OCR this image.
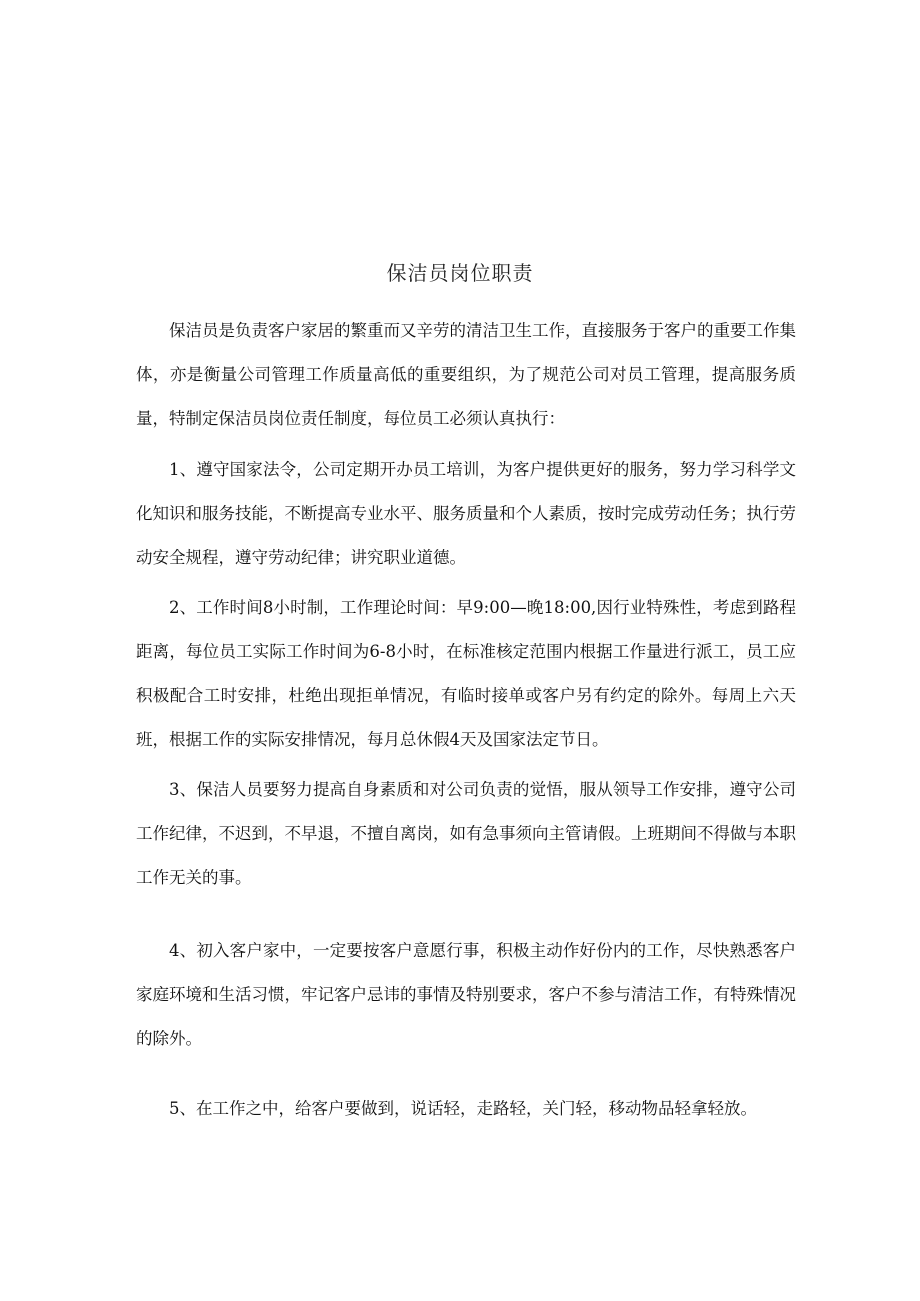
保洁员岗位职责

保洁员是负责客户家居的繁重而又辛劳的清洁卫生工作，直接服务于客户的重要工作集体，亦是衡量公司管理工作质量高低的重要组织，为了规范公司对员工管理，提高服务质量，特制定保洁员岗位责任制度，每位员工必须认真执行：

1、遵守国家法令，公司定期开办员工培训，为客户提供更好的服务，努力学习科学文化知识和服务技能，不断提高专业水平、服务质量和个人素质，按时完成劳动任务；执行劳动安全规程，遵守劳动纪律；讲究职业道德。

2、工作时间8小时制，工作理论时间：早9:00—晚18:00,因行业特殊性，考虑到路程距离，每位员工实际工作时间为6-8小时，在标准核定范围内根据工作量进行派工，员工应积极配合工时安排，杜绝出现拒单情况，有临时接单或客户另有约定的除外。每周上六天班，根据工作的实际安排情况，每月总休假4天及国家法定节日。

3、保洁人员要努力提高自身素质和对公司负责的觉悟，服从领导工作安排，遵守公司工作纪律，不迟到，不早退，不擅自离岗，如有急事须向主管请假。上班期间不得做与本职工作无关的事。

4、初入客户家中，一定要按客户意愿行事，积极主动作好份内的工作，尽快熟悉客户家庭环境和生活习惯，牢记客户忌讳的事情及特别要求，客户不参与清洁工作，有特殊情况的除外。

5、在工作之中，给客户要做到，说话轻，走路轻，关门轻，移动物品轻拿轻放。
